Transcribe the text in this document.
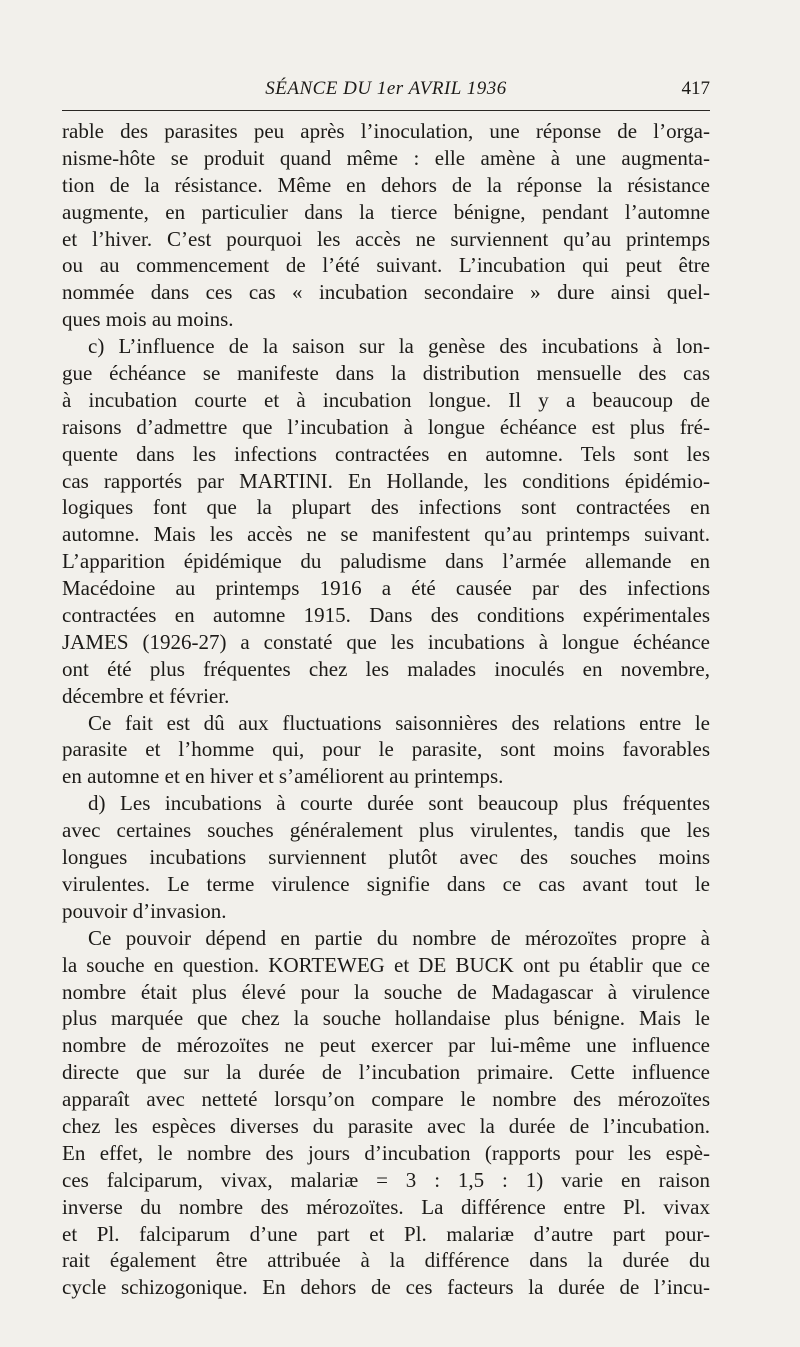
SÉANCE DU 1er AVRIL 1936	417
rable des parasites peu après l’inoculation, une réponse de l’orga-
nisme-hôte se produit quand même : elle amène à une augmenta-
tion de la résistance. Même en dehors de la réponse la résistance
augmente, en particulier dans la tierce bénigne, pendant l’automne
et l’hiver. C’est pourquoi les accès ne surviennent qu’au printemps
ou au commencement de l’été suivant. L’incubation qui peut être
nommée dans ces cas « incubation secondaire » dure ainsi quel-
ques mois au moins.
c) L’influence de la saison sur la genèse des incubations à lon-
gue échéance se manifeste dans la distribution mensuelle des cas
à incubation courte et à incubation longue. Il y a beaucoup de
raisons d’admettre que l’incubation à longue échéance est plus fré-
quente dans les infections contractées en automne. Tels sont les
cas rapportés par MARTINI. En Hollande, les conditions épidémio-
logiques font que la plupart des infections sont contractées en
automne. Mais les accès ne se manifestent qu’au printemps suivant.
L’apparition épidémique du paludisme dans l’armée allemande en
Macédoine au printemps 1916 a été causée par des infections
contractées en automne 1915. Dans des conditions expérimentales
JAMES (1926-27) a constaté que les incubations à longue échéance
ont été plus fréquentes chez les malades inoculés en novembre,
décembre et février.
Ce fait est dû aux fluctuations saisonnières des relations entre le
parasite et l’homme qui, pour le parasite, sont moins favorables
en automne et en hiver et s’améliorent au printemps.
d) Les incubations à courte durée sont beaucoup plus fréquentes
avec certaines souches généralement plus virulentes, tandis que les
longues incubations surviennent plutôt avec des souches moins
virulentes. Le terme virulence signifie dans ce cas avant tout le
pouvoir d’invasion.
Ce pouvoir dépend en partie du nombre de mérozoïtes propre à
la souche en question. KORTEWEG et DE BUCK ont pu établir que ce
nombre était plus élevé pour la souche de Madagascar à virulence
plus marquée que chez la souche hollandaise plus bénigne. Mais le
nombre de mérozoïtes ne peut exercer par lui-même une influence
directe que sur la durée de l’incubation primaire. Cette influence
apparaît avec netteté lorsqu’on compare le nombre des mérozoïtes
chez les espèces diverses du parasite avec la durée de l’incubation.
En effet, le nombre des jours d’incubation (rapports pour les espè-
ces falciparum, vivax, malariæ = 3 : 1,5 : 1) varie en raison
inverse du nombre des mérozoïtes. La différence entre Pl. vivax
et Pl. falciparum d’une part et Pl. malariæ d’autre part pour-
rait également être attribuée à la différence dans la durée du
cycle schizogonique. En dehors de ces facteurs la durée de l’incu-
